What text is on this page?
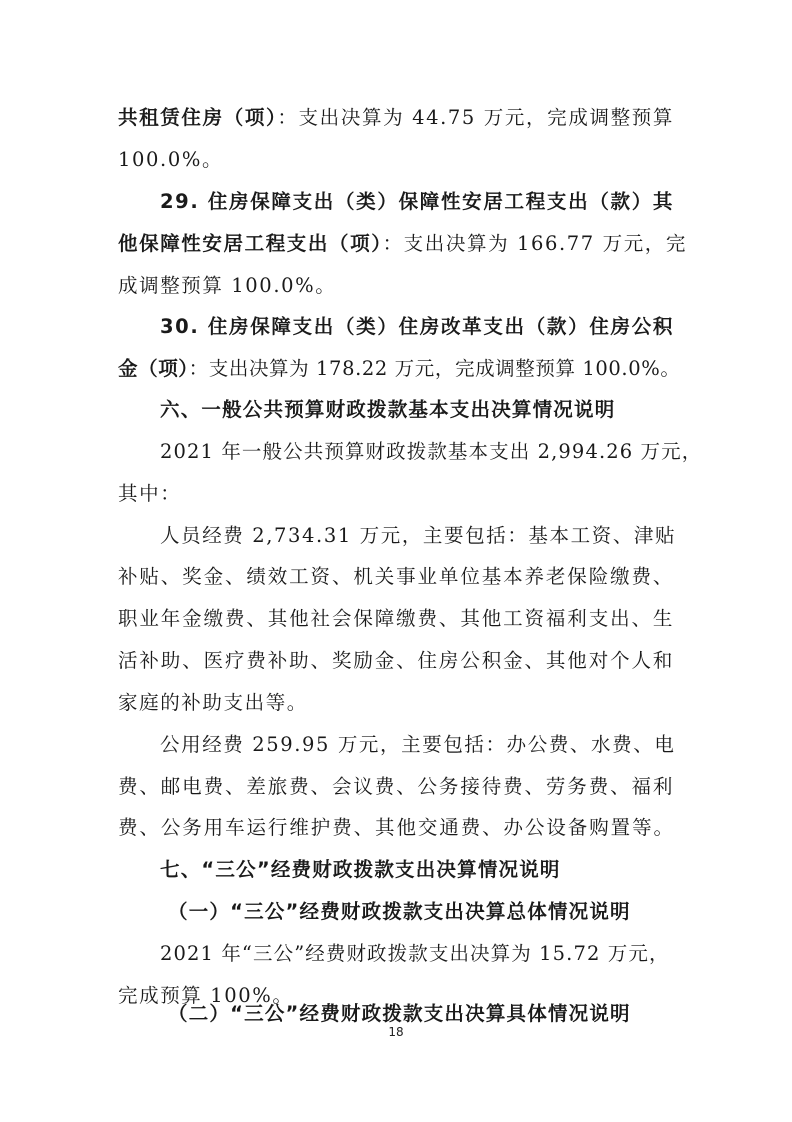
共租赁住房（项）：支出决算为 44.75 万元，完成调整预算
100.0%。
29. 住房保障支出（类）保障性安居工程支出（款）其
他保障性安居工程支出（项）：支出决算为 166.77 万元，完
成调整预算 100.0%。
30. 住房保障支出（类）住房改革支出（款）住房公积
金（项）：支出决算为 178.22 万元，完成调整预算 100.0%。
六、一般公共预算财政拨款基本支出决算情况说明
2021 年一般公共预算财政拨款基本支出 2,994.26 万元，
其中：
人员经费 2,734.31 万元，主要包括：基本工资、津贴
补贴、奖金、绩效工资、机关事业单位基本养老保险缴费、
职业年金缴费、其他社会保障缴费、其他工资福利支出、生
活补助、医疗费补助、奖励金、住房公积金、其他对个人和
家庭的补助支出等。
公用经费 259.95 万元，主要包括：办公费、水费、电
费、邮电费、差旅费、会议费、公务接待费、劳务费、福利
费、公务用车运行维护费、其他交通费、办公设备购置等。
七、“三公”经费财政拨款支出决算情况说明
（一）“三公”经费财政拨款支出决算总体情况说明
2021 年“三公”经费财政拨款支出决算为 15.72 万元，
完成预算 100%。
（二）“三公”经费财政拨款支出决算具体情况说明
18
